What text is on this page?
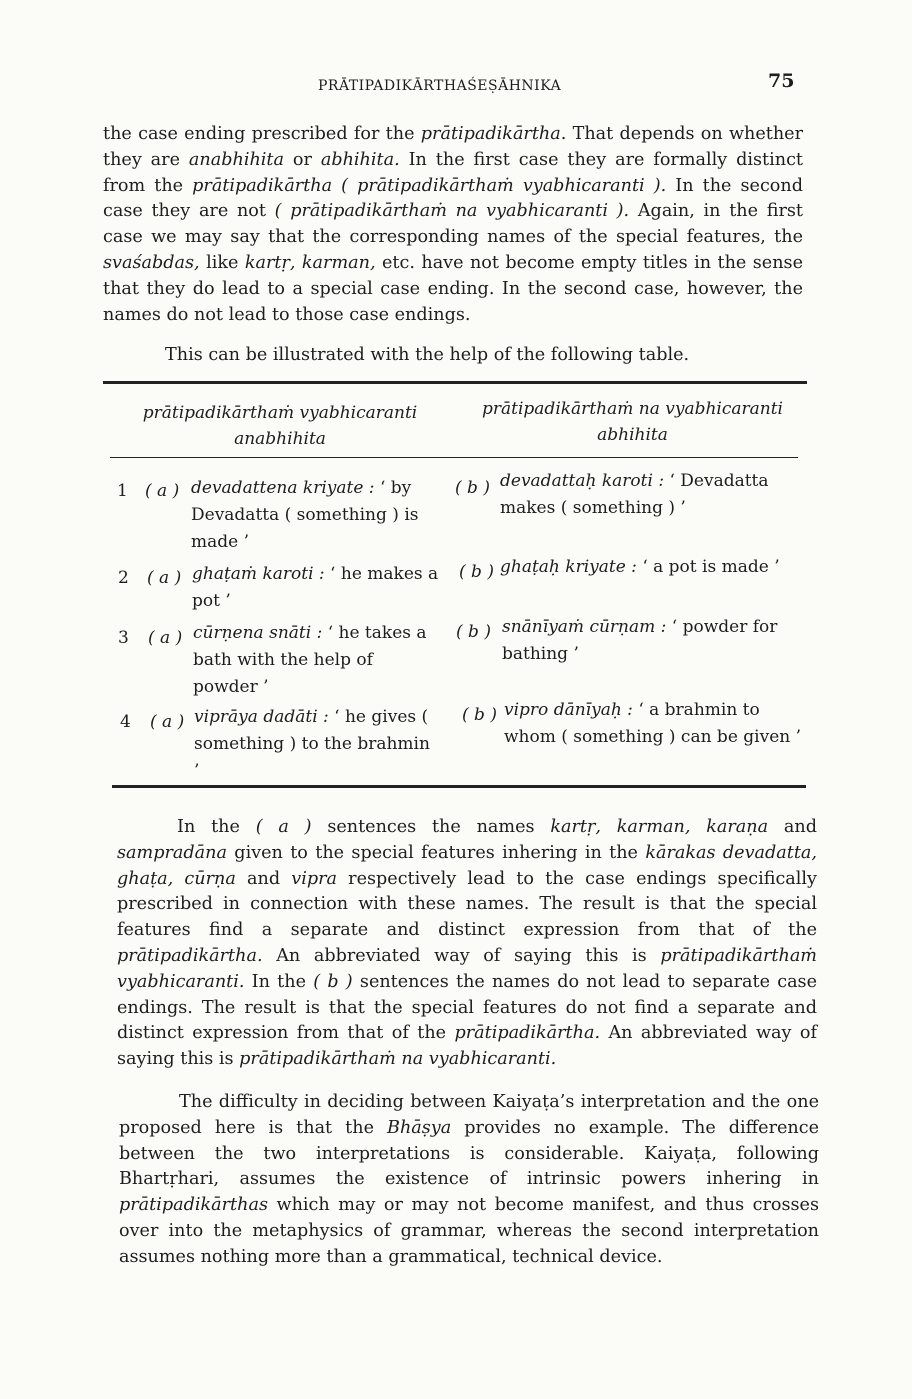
PRĀTIPADIKĀRTHAŚEṢĀHNIKA	75

the case ending prescribed for the prātipadikārtha. That depends on whether they are anabhihita or abhihita. In the first case they are formally distinct from the prātipadikārtha ( prātipadikārthaṁ vyabhicaranti ). In the second case they are not ( prātipadikārthaṁ na vyabhicaranti ). Again, in the first case we may say that the corresponding names of the special features, the svaśabdas, like kartṛ, karman, etc. have not become empty titles in the sense that they do lead to a special case ending. In the second case, however, the names do not lead to those case endings.

This can be illustrated with the help of the following table.

prātipadikārthaṁ vyabhicaranti
anabhihita
prātipadikārthaṁ na vyabhicaranti
abhihita
1 ( a ) devadattena kriyate : ‘ by Devadatta ( something ) is made ’
( b ) devadattaḥ karoti : ‘ Devadatta makes ( something ) ’
2 ( a ) ghaṭaṁ karoti : ‘ he makes a pot ’
( b ) ghaṭaḥ kriyate : ‘ a pot is made ’
3 ( a ) cūrṇena snāti : ‘ he takes a bath with the help of powder ’
( b ) snānīyaṁ cūrṇam : ‘ powder for bathing ’
4 ( a ) viprāya dadāti : ‘ he gives ( something ) to the brahmin ’
( b ) vipro dānīyaḥ : ‘ a brahmin to whom ( something ) can be given ’

In the ( a ) sentences the names kartṛ, karman, karaṇa and sampradāna given to the special features inhering in the kārakas devadatta, ghaṭa, cūrṇa and vipra respectively lead to the case endings specifically prescribed in connection with these names. The result is that the special features find a separate and distinct expression from that of the prātipadikārtha. An abbreviated way of saying this is prātipadikārthaṁ vyabhicaranti. In the ( b ) sentences the names do not lead to separate case endings. The result is that the special features do not find a separate and distinct expression from that of the prātipadikārtha. An abbreviated way of saying this is prātipadikārthaṁ na vyabhicaranti.

The difficulty in deciding between Kaiyaṭa’s interpretation and the one proposed here is that the Bhāṣya provides no example. The difference between the two interpretations is considerable. Kaiyaṭa, following Bhartṛhari, assumes the existence of intrinsic powers inhering in prātipadikārthas which may or may not become manifest, and thus crosses over into the metaphysics of grammar, whereas the second interpretation assumes nothing more than a grammatical, technical device.
